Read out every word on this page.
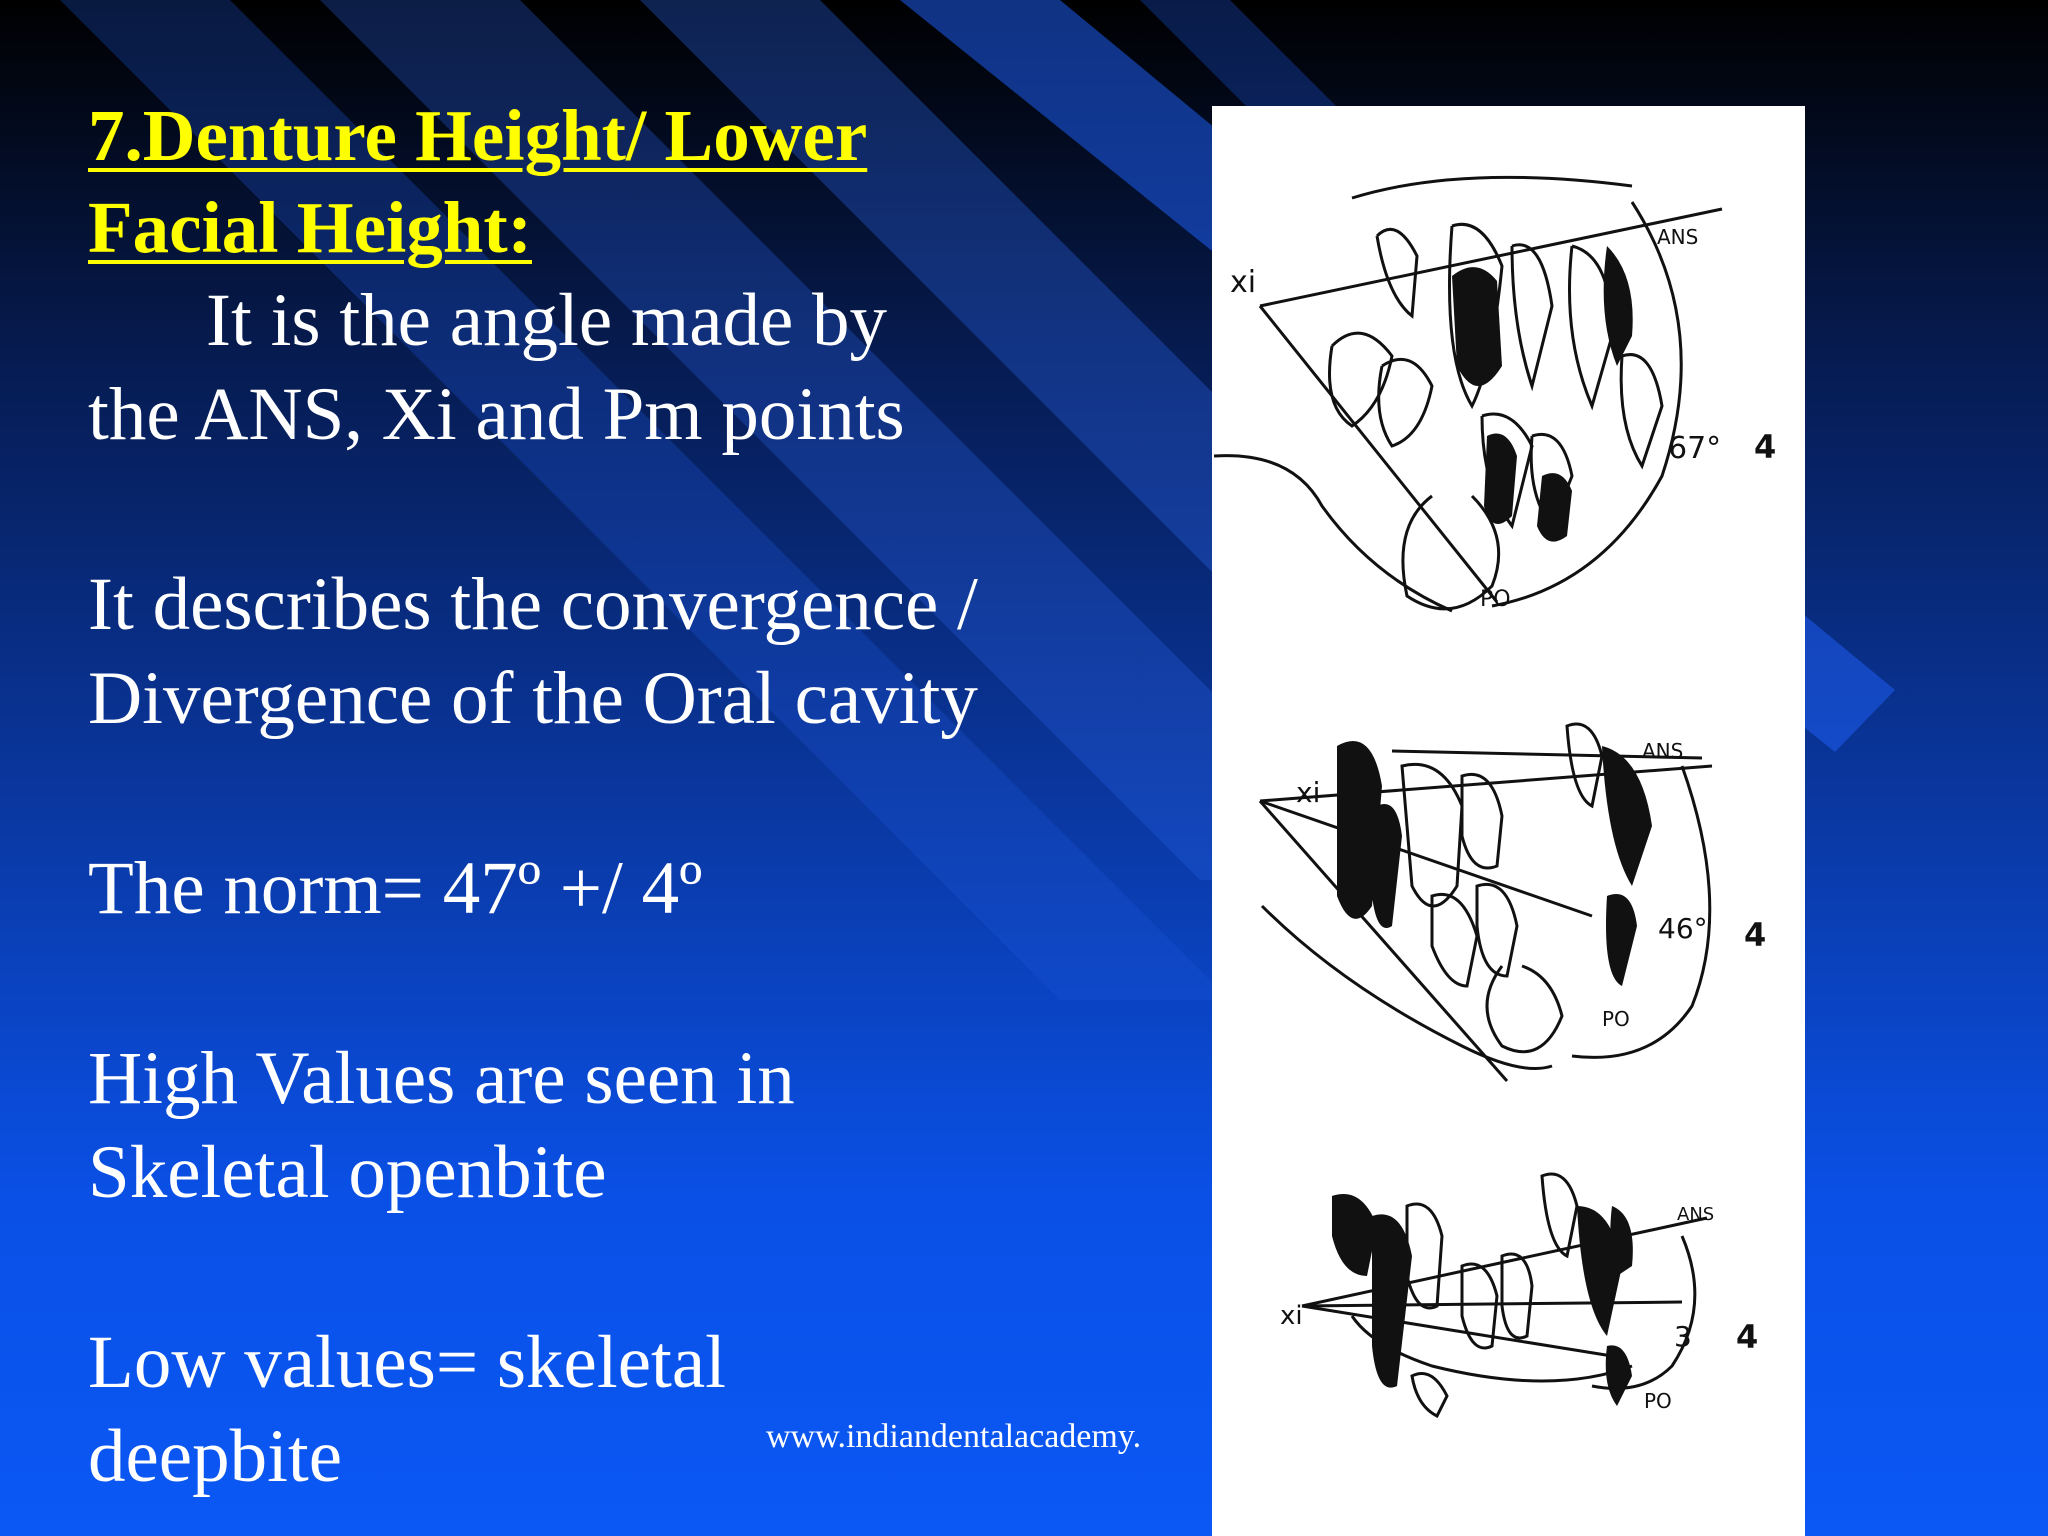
7.Denture Height/ Lower
Facial Height:
It is the angle made by
the ANS, Xi and Pm points
It describes the convergence /
Divergence of the Oral cavity
The norm= 47º +/ 4º
High Values are seen in
Skeletal openbite
Low values= skeletal
deepbite
xi
ANS
PO
67° 4
xi
ANS
PO
46° 4
xi
ANS
PO
3 4
www.indiandentalacademy.
